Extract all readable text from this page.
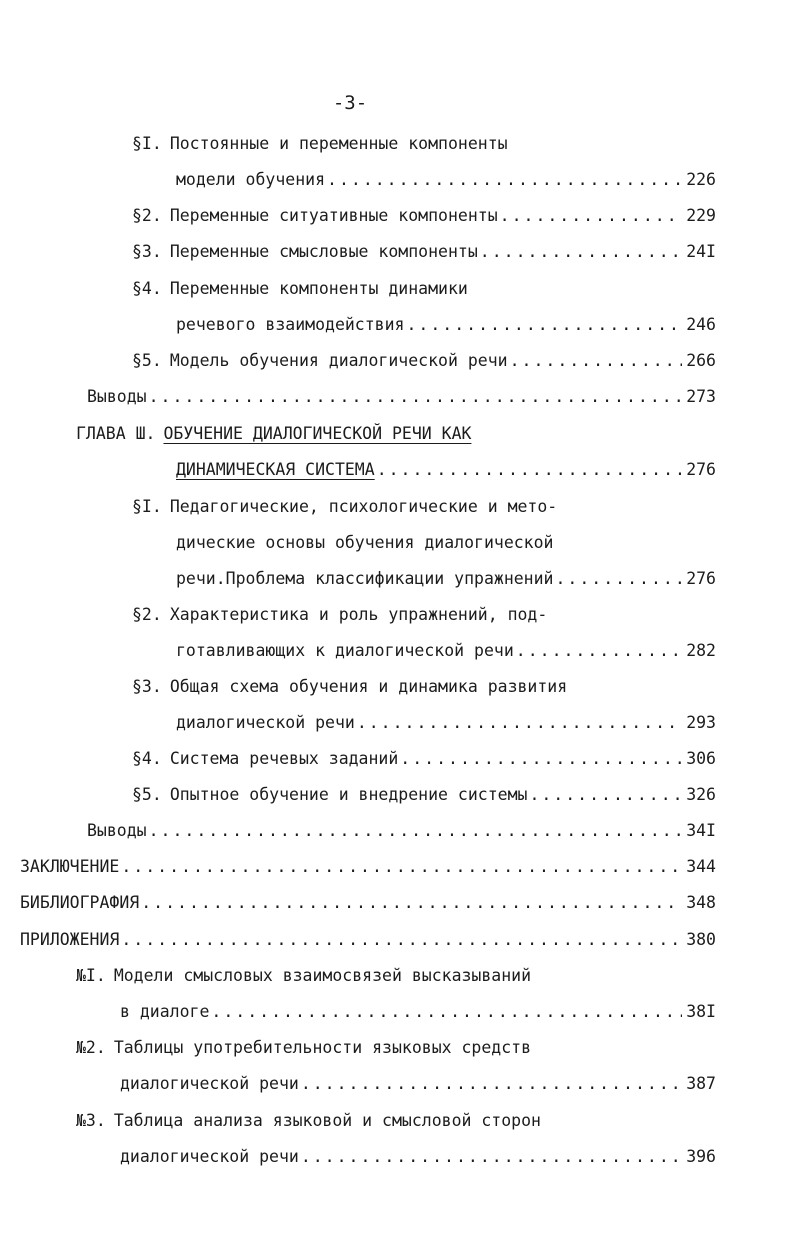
-3-
§I. Постоянные и переменные компоненты
модели обучения .....	226
§2. Переменные ситуативные компоненты .....	229
§3. Переменные смысловые компоненты .....	24I
§4. Переменные компоненты динамики
речевого взаимодействия .....	246
§5. Модель обучения диалогической речи .....	266
Выводы .....	273
ГЛАВА Ш. ОБУЧЕНИЕ ДИАЛОГИЧЕСКОЙ РЕЧИ КАК
ДИНАМИЧЕСКАЯ СИСТЕМА .....	276
§I. Педагогические, психологические и мето-
дические основы обучения диалогической
речи.Проблема классификации упражнений .....	276
§2. Характеристика и роль упражнений, под-
готавливающих к диалогической речи .....	282
§3. Общая схема обучения и динамика развития
диалогической речи .....	293
§4. Система речевых заданий .....	306
§5. Опытное обучение и внедрение системы .....	326
Выводы .....	34I
ЗАКЛЮЧЕНИЕ .....	344
БИБЛИОГРАФИЯ .....	348
ПРИЛОЖЕНИЯ .....	380
№I. Модели смысловых взаимосвязей высказываний
в диалоге .....	38I
№2. Таблицы употребительности языковых средств
диалогической речи .....	387
№3. Таблица анализа языковой и смысловой сторон
диалогической речи .....	396
